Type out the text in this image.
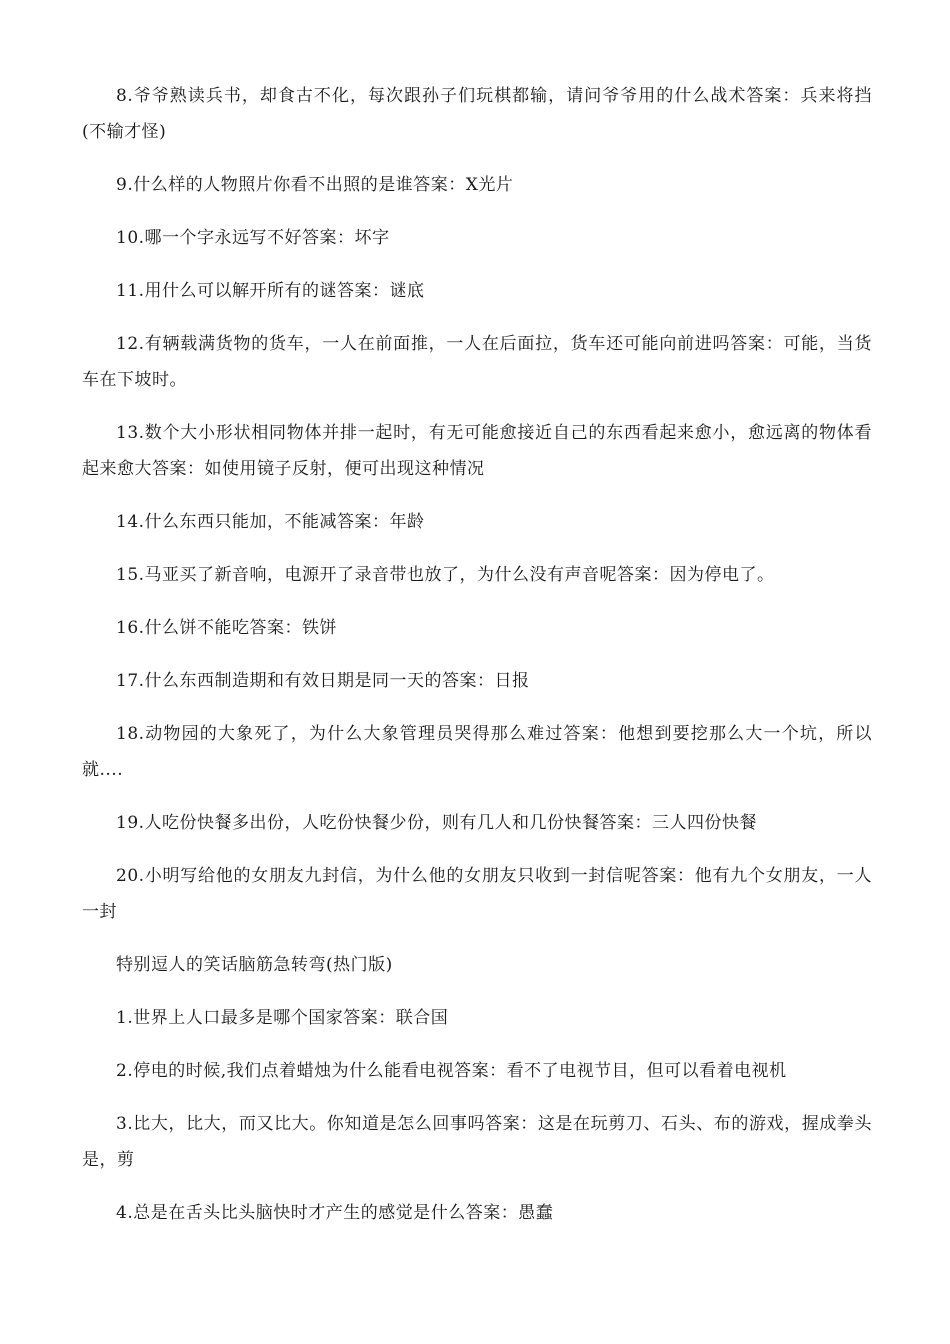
8.爷爷熟读兵书，却食古不化，每次跟孙子们玩棋都输，请问爷爷用的什么战术答案：兵来将挡(不输才怪)

9.什么样的人物照片你看不出照的是谁答案：X光片

10.哪一个字永远写不好答案：坏字

11.用什么可以解开所有的谜答案：谜底

12.有辆载满货物的货车，一人在前面推，一人在后面拉，货车还可能向前进吗答案：可能，当货车在下坡时。

13.数个大小形状相同物体并排一起时，有无可能愈接近自己的东西看起来愈小，愈远离的物体看起来愈大答案：如使用镜子反射，便可出现这种情况

14.什么东西只能加，不能减答案：年龄

15.马亚买了新音响，电源开了录音带也放了，为什么没有声音呢答案：因为停电了。

16.什么饼不能吃答案：铁饼

17.什么东西制造期和有效日期是同一天的答案：日报

18.动物园的大象死了，为什么大象管理员哭得那么难过答案：他想到要挖那么大一个坑，所以就....

19.人吃份快餐多出份，人吃份快餐少份，则有几人和几份快餐答案：三人四份快餐

20.小明写给他的女朋友九封信，为什么他的女朋友只收到一封信呢答案：他有九个女朋友，一人一封

特别逗人的笑话脑筋急转弯(热门版)

1.世界上人口最多是哪个国家答案：联合国

2.停电的时候,我们点着蜡烛为什么能看电视答案：看不了电视节目，但可以看着电视机

3.比大，比大，而又比大。你知道是怎么回事吗答案：这是在玩剪刀、石头、布的游戏，握成拳头是，剪

4.总是在舌头比头脑快时才产生的感觉是什么答案：愚蠢
